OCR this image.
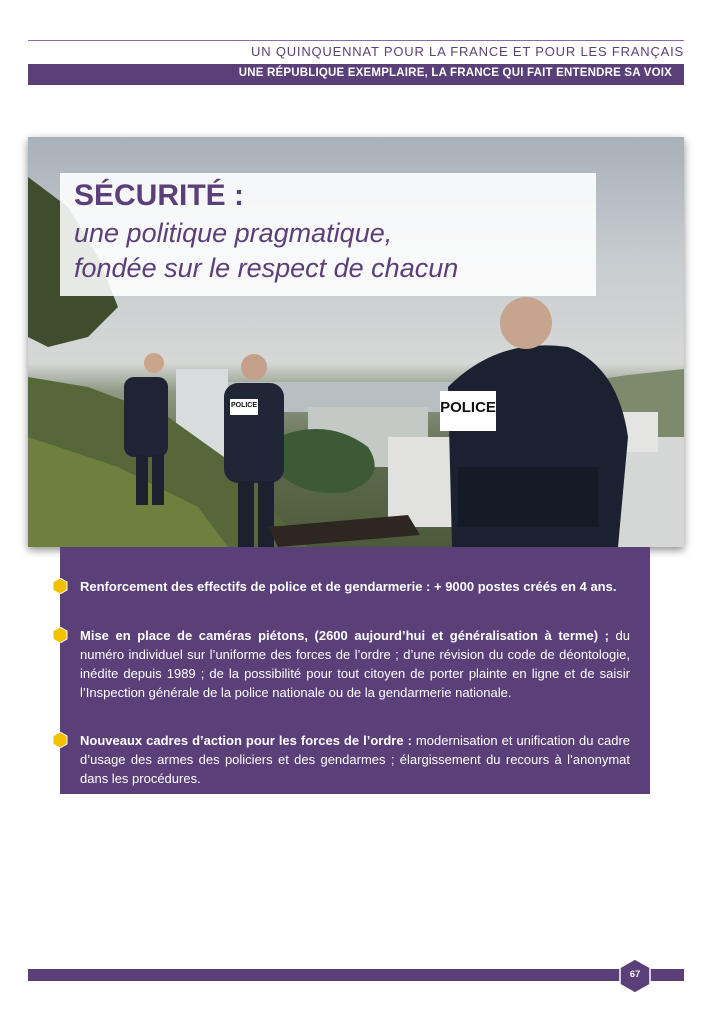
UN QUINQUENNAT POUR LA FRANCE ET POUR LES FRANÇAIS
UNE RÉPUBLIQUE EXEMPLAIRE, LA FRANCE QUI FAIT ENTENDRE SA VOIX
POLICE	POLICE
SÉCURITÉ :
une politique pragmatique,
fondée sur le respect de chacun
Renforcement des effectifs de police et de gendarmerie : + 9000 postes créés en 4 ans.
Mise en place de caméras piétons, (2600 aujourd’hui et généralisation à terme) ; du numéro individuel sur l’uniforme des forces de l’ordre ; d’une révision du code de déontologie, inédite depuis 1989 ; de la possibilité pour tout citoyen de porter plainte en ligne et de saisir l’Inspection générale de la police nationale ou de la gendarmerie nationale.
Nouveaux cadres d’action pour les forces de l’ordre : modernisation et unification du cadre d’usage des armes des policiers et des gendarmes ; élargissement du recours à l’anonymat dans les procédures.
67
